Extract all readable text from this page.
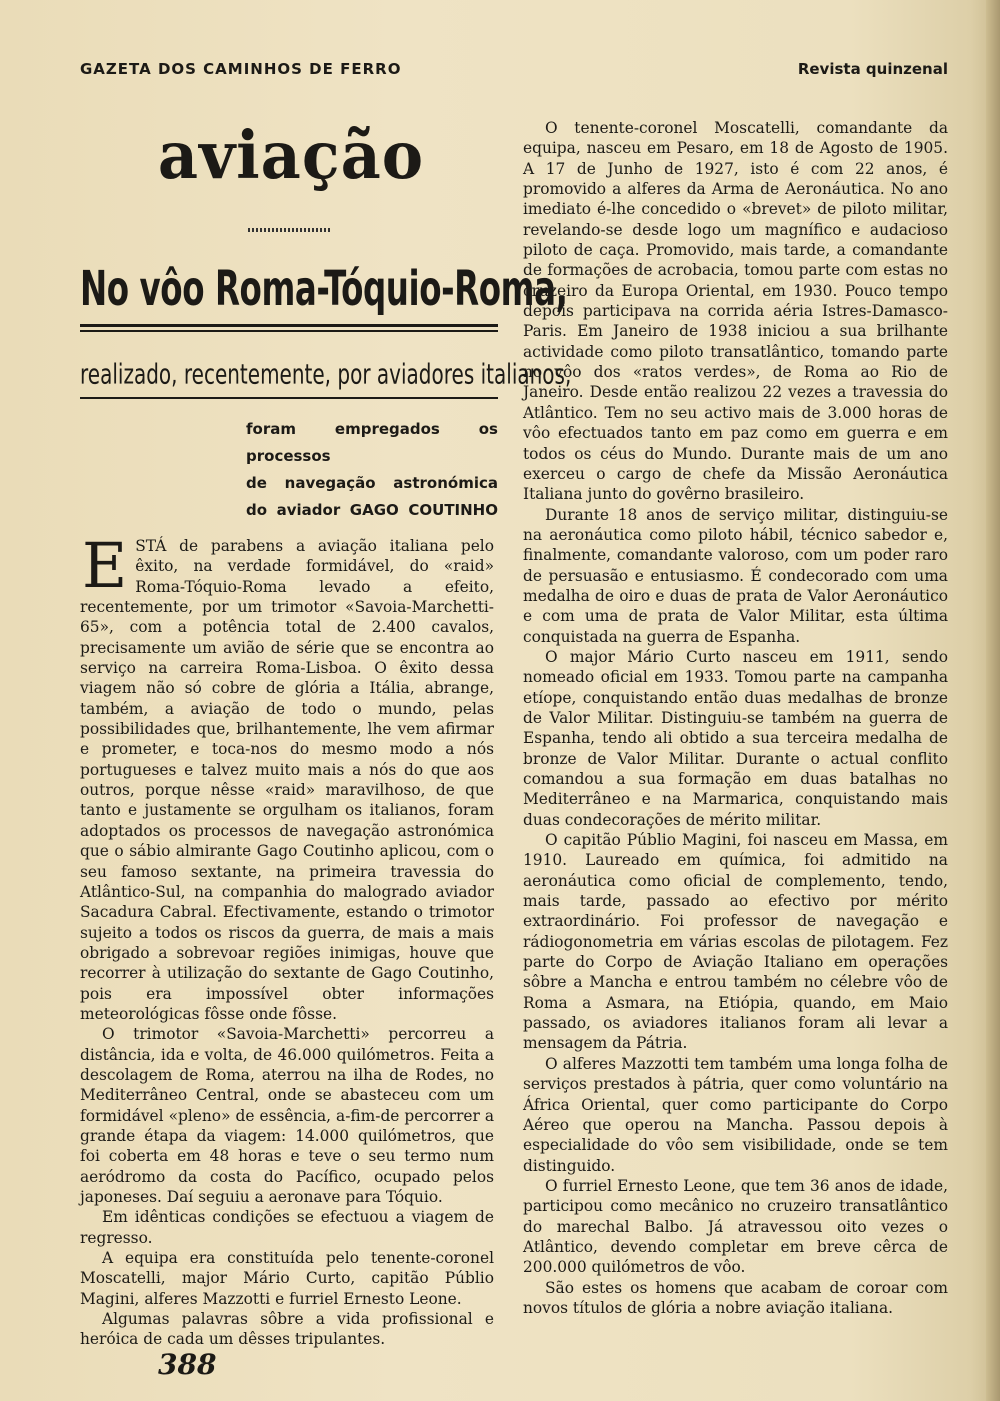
GAZETA DOS CAMINHOS DE FERRO	Revista quinzenal
aviação
No vôo Roma-Tóquio-Roma,
realizado, recentemente, por aviadores italianos,
foram empregados os processos
de navegação astronómica
do aviador GAGO COUTINHO

ESTÁ de parabens a aviação italiana pelo êxito, na verdade formidável, do «raid» Roma-Tóquio-Roma levado a efeito, recentemente, por um trimotor «Savoia-Marchetti-65», com a potência total de 2.400 cavalos, precisamente um avião de série que se encontra ao serviço na carreira Roma-Lisboa. O êxito dessa viagem não só cobre de glória a Itália, abrange, também, a aviação de todo o mundo, pelas possibilidades que, brilhantemente, lhe vem afirmar e prometer, e toca-nos do mesmo modo a nós portugueses e talvez muito mais a nós do que aos outros, porque nêsse «raid» maravilhoso, de que tanto e justamente se orgulham os italianos, foram adoptados os processos de navegação astronómica que o sábio almirante Gago Coutinho aplicou, com o seu famoso sextante, na primeira travessia do Atlântico-Sul, na companhia do malogrado aviador Sacadura Cabral. Efectivamente, estando o trimotor sujeito a todos os riscos da guerra, de mais a mais obrigado a sobrevoar regiões inimigas, houve que recorrer à utilização do sextante de Gago Coutinho, pois era impossível obter informações meteorológicas fôsse onde fôsse.

O trimotor «Savoia-Marchetti» percorreu a distância, ida e volta, de 46.000 quilómetros. Feita a descolagem de Roma, aterrou na ilha de Rodes, no Mediterrâneo Central, onde se abasteceu com um formidável «pleno» de essência, a-fim-de percorrer a grande étapa da viagem: 14.000 quilómetros, que foi coberta em 48 horas e teve o seu termo num aeródromo da costa do Pacífico, ocupado pelos japoneses. Daí seguiu a aeronave para Tóquio.

Em idênticas condições se efectuou a viagem de regresso.

A equipa era constituída pelo tenente-coronel Moscatelli, major Mário Curto, capitão Públio Magini, alferes Mazzotti e furriel Ernesto Leone.

Algumas palavras sôbre a vida profissional e heróica de cada um dêsses tripulantes.

O tenente-coronel Moscatelli, comandante da equipa, nasceu em Pesaro, em 18 de Agosto de 1905. A 17 de Junho de 1927, isto é com 22 anos, é promovido a alferes da Arma de Aeronáutica. No ano imediato é-lhe concedido o «brevet» de piloto militar, revelando-se desde logo um magnífico e audacioso piloto de caça. Promovido, mais tarde, a comandante de formações de acrobacia, tomou parte com estas no cruzeiro da Europa Oriental, em 1930. Pouco tempo depois participava na corrida aéria Istres-Damasco-Paris. Em Janeiro de 1938 iniciou a sua brilhante actividade como piloto transatlântico, tomando parte no vôo dos «ratos verdes», de Roma ao Rio de Janeiro. Desde então realizou 22 vezes a travessia do Atlântico. Tem no seu activo mais de 3.000 horas de vôo efectuados tanto em paz como em guerra e em todos os céus do Mundo. Durante mais de um ano exerceu o cargo de chefe da Missão Aeronáutica Italiana junto do govêrno brasileiro.

Durante 18 anos de serviço militar, distinguiu-se na aeronáutica como piloto hábil, técnico sabedor e, finalmente, comandante valoroso, com um poder raro de persuasão e entusiasmo. É condecorado com uma medalha de oiro e duas de prata de Valor Aeronáutico e com uma de prata de Valor Militar, esta última conquistada na guerra de Espanha.

O major Mário Curto nasceu em 1911, sendo nomeado oficial em 1933. Tomou parte na campanha etíope, conquistando então duas medalhas de bronze de Valor Militar. Distinguiu-se também na guerra de Espanha, tendo ali obtido a sua terceira medalha de bronze de Valor Militar. Durante o actual conflito comandou a sua formação em duas batalhas no Mediterrâneo e na Marmarica, conquistando mais duas condecorações de mérito militar.

O capitão Públio Magini, foi nasceu em Massa, em 1910. Laureado em química, foi admitido na aeronáutica como oficial de complemento, tendo, mais tarde, passado ao efectivo por mérito extraordinário. Foi professor de navegação e rádiogonometria em várias escolas de pilotagem. Fez parte do Corpo de Aviação Italiano em operações sôbre a Mancha e entrou também no célebre vôo de Roma a Asmara, na Etiópia, quando, em Maio passado, os aviadores italianos foram ali levar a mensagem da Pátria.

O alferes Mazzotti tem também uma longa folha de serviços prestados à pátria, quer como voluntário na África Oriental, quer como participante do Corpo Aéreo que operou na Mancha. Passou depois à especialidade do vôo sem visibilidade, onde se tem distinguido.

O furriel Ernesto Leone, que tem 36 anos de idade, participou como mecânico no cruzeiro transatlântico do marechal Balbo. Já atravessou oito vezes o Atlântico, devendo completar em breve cêrca de 200.000 quilómetros de vôo.

São estes os homens que acabam de coroar com novos títulos de glória a nobre aviação italiana.

388
